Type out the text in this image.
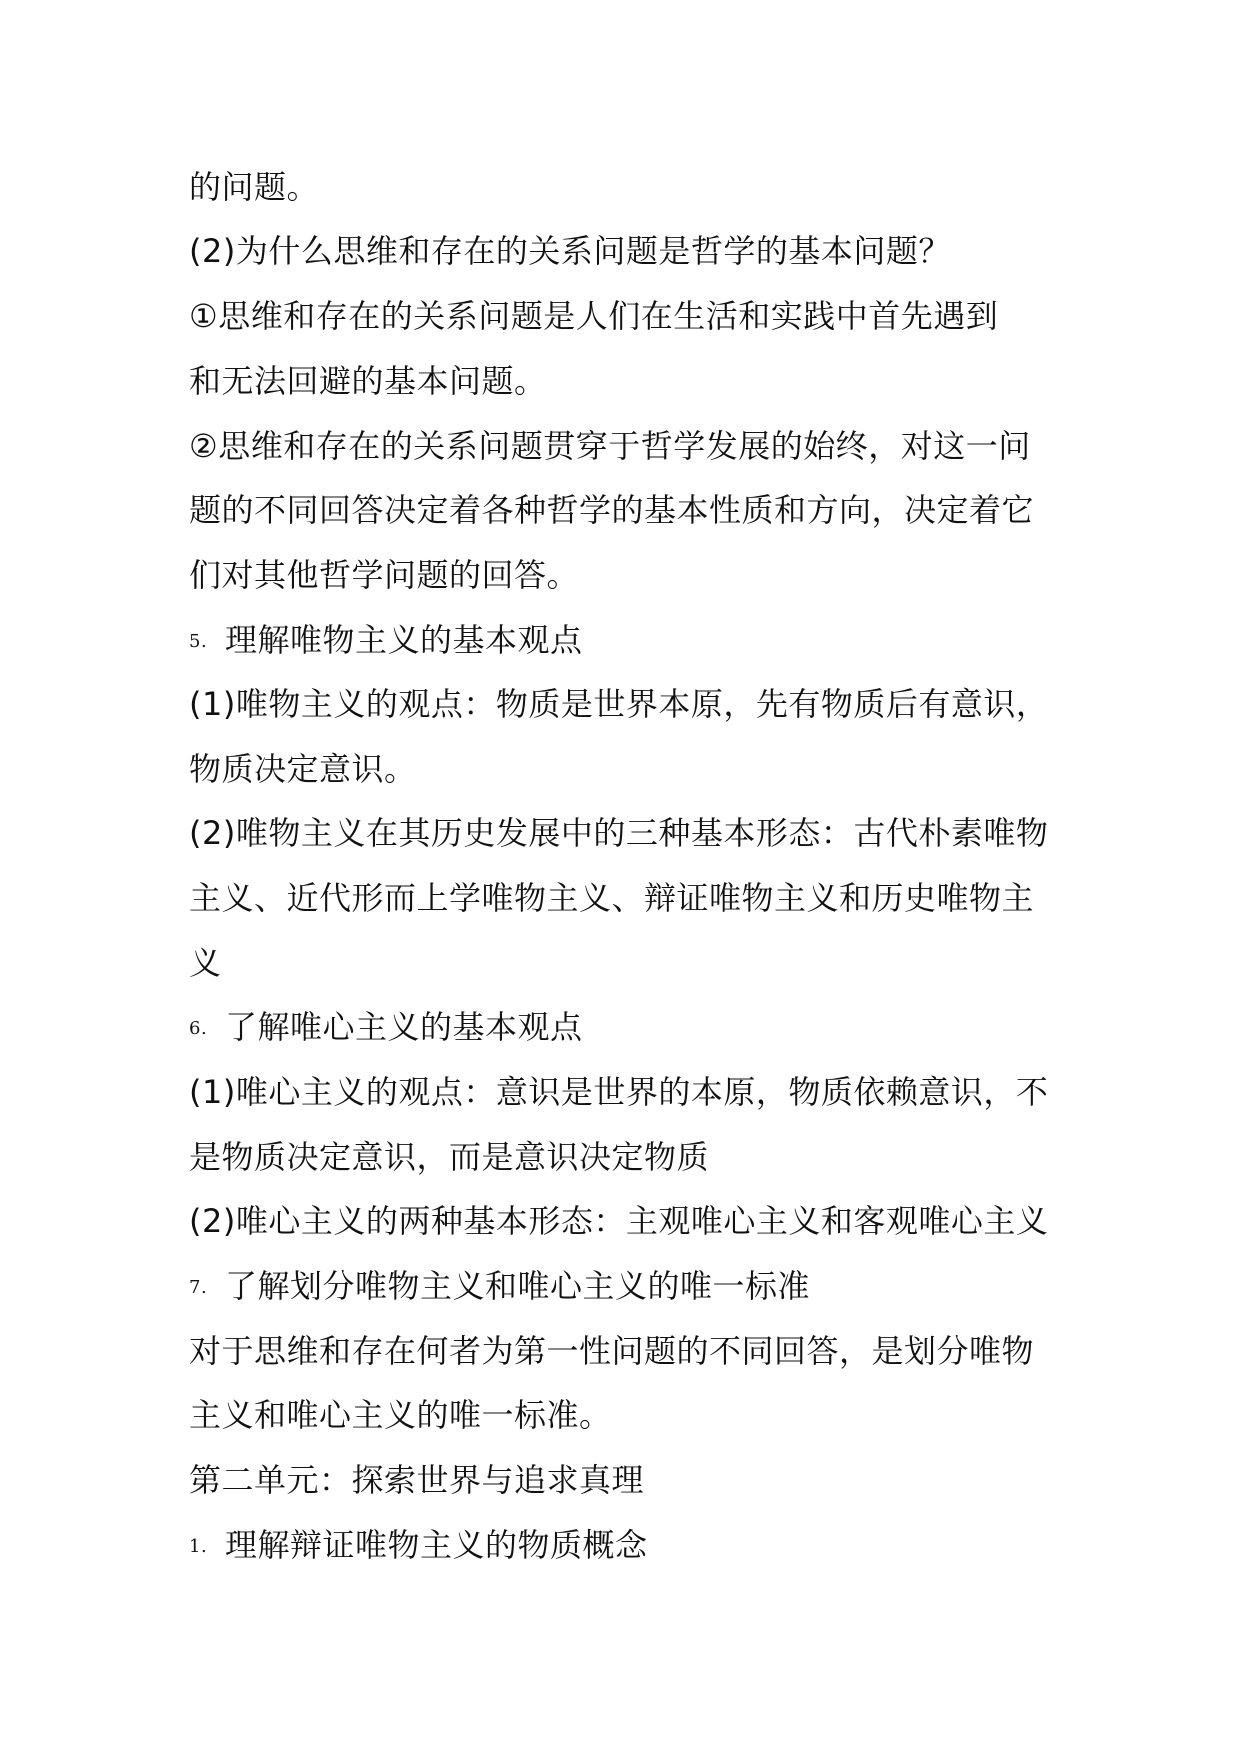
的问题。
(2)为什么思维和存在的关系问题是哲学的基本问题？
①思维和存在的关系问题是人们在生活和实践中首先遇到
和无法回避的基本问题。
②思维和存在的关系问题贯穿于哲学发展的始终，对这一问
题的不同回答决定着各种哲学的基本性质和方向，决定着它
们对其他哲学问题的回答。
5. 理解唯物主义的基本观点
(1)唯物主义的观点：物质是世界本原，先有物质后有意识，
物质决定意识。
(2)唯物主义在其历史发展中的三种基本形态：古代朴素唯物
主义、近代形而上学唯物主义、辩证唯物主义和历史唯物主
义
6. 了解唯心主义的基本观点
(1)唯心主义的观点：意识是世界的本原，物质依赖意识，不
是物质决定意识，而是意识决定物质
(2)唯心主义的两种基本形态：主观唯心主义和客观唯心主义
7. 了解划分唯物主义和唯心主义的唯一标准
对于思维和存在何者为第一性问题的不同回答，是划分唯物
主义和唯心主义的唯一标准。
第二单元：探索世界与追求真理
1. 理解辩证唯物主义的物质概念
